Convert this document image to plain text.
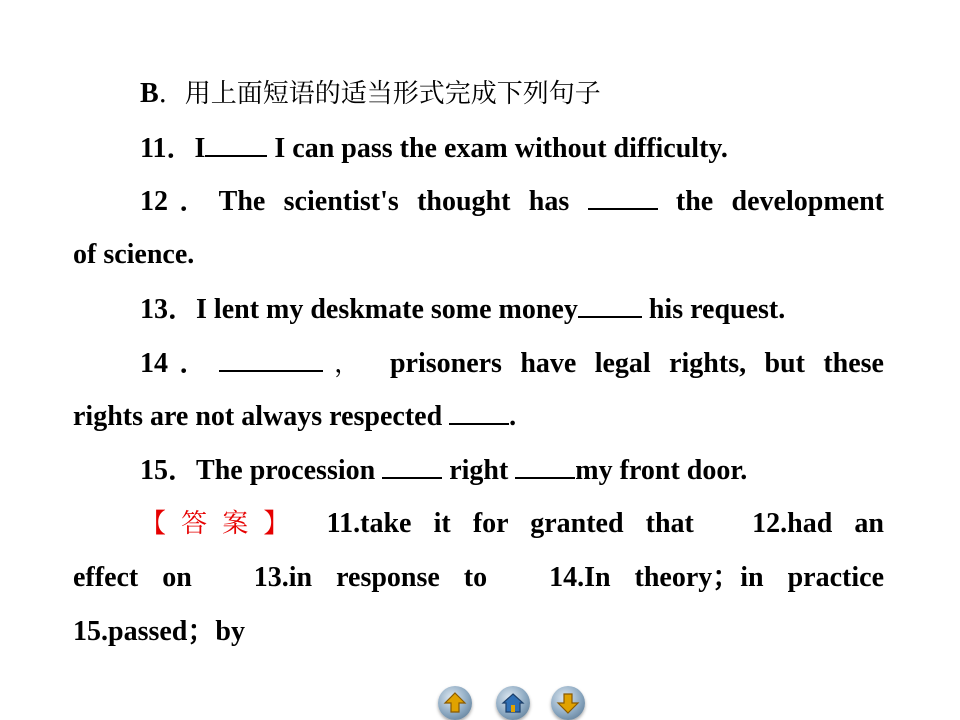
B．用上面短语的适当形式完成下列句子
11．I I can pass the exam without difficulty.
12．The scientist's thought has	the development
of science.
13．I lent my deskmate some money his request.
14．	， prisoners have legal rights, but these
rights are not always respected .
15．The procession  right my front door.
【答案】 11.take it for granted that　12.had an
effect on　13.in response to　14.In theory；in practice
15.passed；by
